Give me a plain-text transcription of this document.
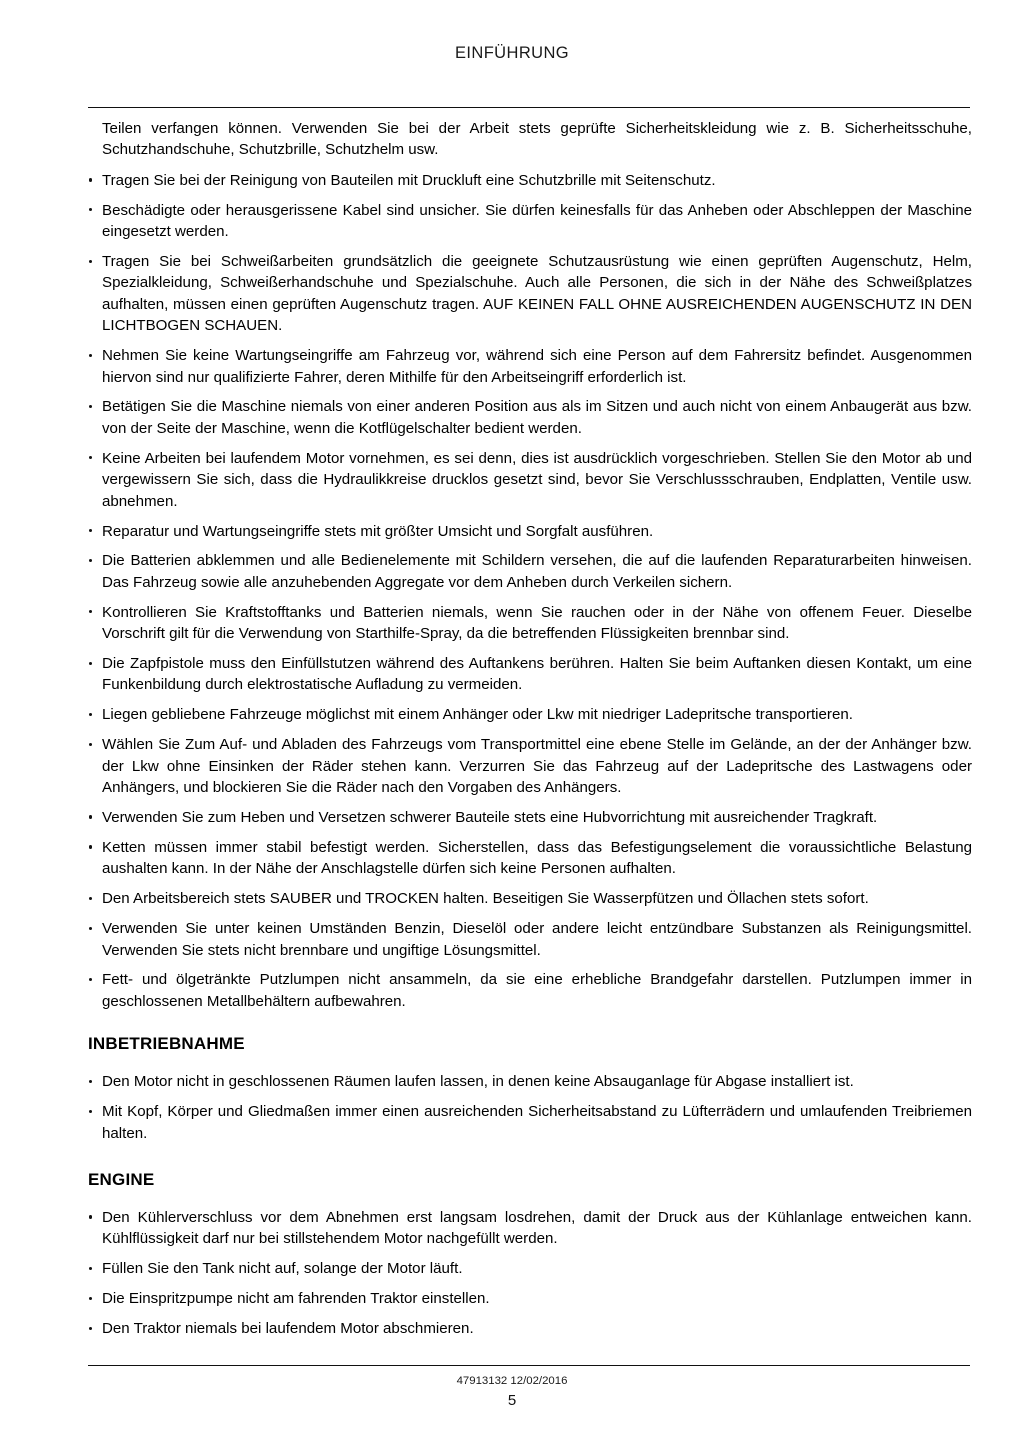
EINFÜHRUNG

Teilen verfangen können. Verwenden Sie bei der Arbeit stets geprüfte Sicherheitskleidung wie z. B. Sicherheitsschuhe, Schutzhandschuhe, Schutzbrille, Schutzhelm usw.

Tragen Sie bei der Reinigung von Bauteilen mit Druckluft eine Schutzbrille mit Seitenschutz.
Beschädigte oder herausgerissene Kabel sind unsicher. Sie dürfen keinesfalls für das Anheben oder Abschleppen der Maschine eingesetzt werden.
Tragen Sie bei Schweißarbeiten grundsätzlich die geeignete Schutzausrüstung wie einen geprüften Augenschutz, Helm, Spezialkleidung, Schweißerhandschuhe und Spezialschuhe. Auch alle Personen, die sich in der Nähe des Schweißplatzes aufhalten, müssen einen geprüften Augenschutz tragen. AUF KEINEN FALL OHNE AUSREICHENDEN AUGENSCHUTZ IN DEN LICHTBOGEN SCHAUEN.
Nehmen Sie keine Wartungseingriffe am Fahrzeug vor, während sich eine Person auf dem Fahrersitz befindet. Ausgenommen hiervon sind nur qualifizierte Fahrer, deren Mithilfe für den Arbeitseingriff erforderlich ist.
Betätigen Sie die Maschine niemals von einer anderen Position aus als im Sitzen und auch nicht von einem Anbaugerät aus bzw. von der Seite der Maschine, wenn die Kotflügelschalter bedient werden.
Keine Arbeiten bei laufendem Motor vornehmen, es sei denn, dies ist ausdrücklich vorgeschrieben. Stellen Sie den Motor ab und vergewissern Sie sich, dass die Hydraulikkreise drucklos gesetzt sind, bevor Sie Verschlussschrauben, Endplatten, Ventile usw. abnehmen.
Reparatur und Wartungseingriffe stets mit größter Umsicht und Sorgfalt ausführen.
Die Batterien abklemmen und alle Bedienelemente mit Schildern versehen, die auf die laufenden Reparaturarbeiten hinweisen. Das Fahrzeug sowie alle anzuhebenden Aggregate vor dem Anheben durch Verkeilen sichern.
Kontrollieren Sie Kraftstofftanks und Batterien niemals, wenn Sie rauchen oder in der Nähe von offenem Feuer. Dieselbe Vorschrift gilt für die Verwendung von Starthilfe-Spray, da die betreffenden Flüssigkeiten brennbar sind.
Die Zapfpistole muss den Einfüllstutzen während des Auftankens berühren. Halten Sie beim Auftanken diesen Kontakt, um eine Funkenbildung durch elektrostatische Aufladung zu vermeiden.
Liegen gebliebene Fahrzeuge möglichst mit einem Anhänger oder Lkw mit niedriger Ladepritsche transportieren.
Wählen Sie Zum Auf- und Abladen des Fahrzeugs vom Transportmittel eine ebene Stelle im Gelände, an der der Anhänger bzw. der Lkw ohne Einsinken der Räder stehen kann. Verzurren Sie das Fahrzeug auf der Ladepritsche des Lastwagens oder Anhängers, und blockieren Sie die Räder nach den Vorgaben des Anhängers.
Verwenden Sie zum Heben und Versetzen schwerer Bauteile stets eine Hubvorrichtung mit ausreichender Tragkraft.
Ketten müssen immer stabil befestigt werden. Sicherstellen, dass das Befestigungselement die voraussichtliche Belastung aushalten kann. In der Nähe der Anschlagstelle dürfen sich keine Personen aufhalten.
Den Arbeitsbereich stets SAUBER und TROCKEN halten. Beseitigen Sie Wasserpfützen und Öllachen stets sofort.
Verwenden Sie unter keinen Umständen Benzin, Dieselöl oder andere leicht entzündbare Substanzen als Reinigungsmittel. Verwenden Sie stets nicht brennbare und ungiftige Lösungsmittel.
Fett- und ölgetränkte Putzlumpen nicht ansammeln, da sie eine erhebliche Brandgefahr darstellen. Putzlumpen immer in geschlossenen Metallbehältern aufbewahren.
INBETRIEBNAHME
Den Motor nicht in geschlossenen Räumen laufen lassen, in denen keine Absauganlage für Abgase installiert ist.
Mit Kopf, Körper und Gliedmaßen immer einen ausreichenden Sicherheitsabstand zu Lüfterrädern und umlaufenden Treibriemen halten.
ENGINE
Den Kühlerverschluss vor dem Abnehmen erst langsam losdrehen, damit der Druck aus der Kühlanlage entweichen kann. Kühlflüssigkeit darf nur bei stillstehendem Motor nachgefüllt werden.
Füllen Sie den Tank nicht auf, solange der Motor läuft.
Die Einspritzpumpe nicht am fahrenden Traktor einstellen.
Den Traktor niemals bei laufendem Motor abschmieren.
47913132 12/02/2016
5
